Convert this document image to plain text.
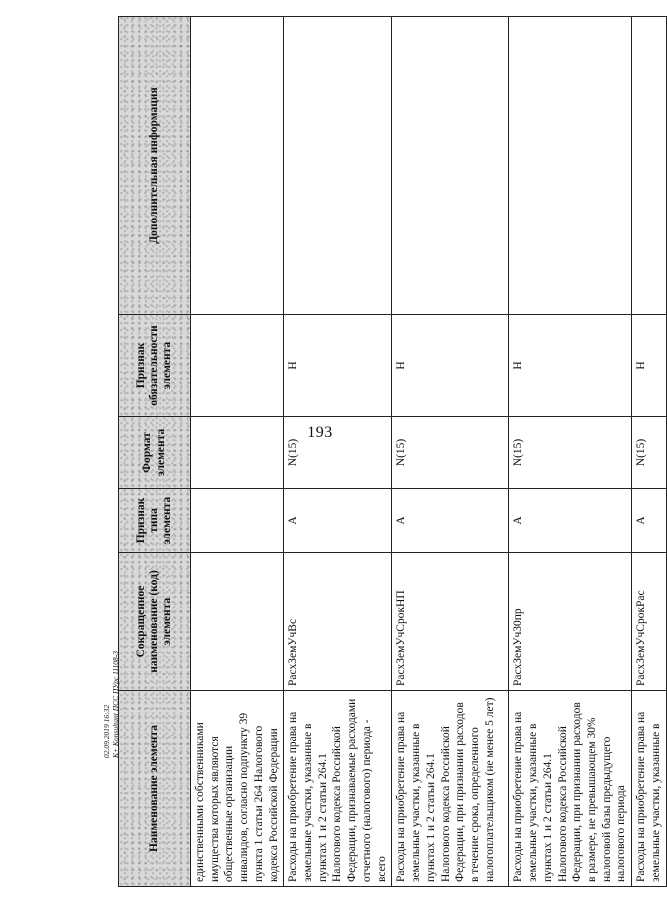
193
Наименование элемента	Сокращенное наименование (код) элемента	Признак типа элемента	Формат элемента	Признак обязательности элемента	Дополнительная информация
единственными собственниками имущества которых являются общественные организации инвалидов, согласно подпункту 39 пункта 1 статьи 264 Налогового кодекса Российской Федерации					
Расходы на приобретение права на земельные участки, указанные в пунктах 1 и 2 статьи 264.1 Налогового кодекса Российской Федерации, признаваемые расходами отчетного (налогового) периода - всего	РасхЗемУчВс	А	N(15)	Н	
Расходы на приобретение права на земельные участки, указанные в пунктах 1 и 2 статьи 264.1 Налогового кодекса Российской Федерации, при признании расходов в течение срока, определенного налогоплательщиком (не менее 5 лет)	РасхЗемУчСрокНП	А	N(15)	Н	
Расходы на приобретение права на земельные участки, указанные в пунктах 1 и 2 статьи 264.1 Налогового кодекса Российской Федерации, при признании расходов в размере, не превышающем 30% налоговой базы предыдущего налогового периода	РасхЗемУч30пр	А	N(15)	Н	
Расходы на приобретение права на земельные участки, указанные в	РасхЗемУчСрокРас	А	N(15)	Н	
02.09.2019 16:32 К+ Konsultant ПСС ПУрс 11108-3
